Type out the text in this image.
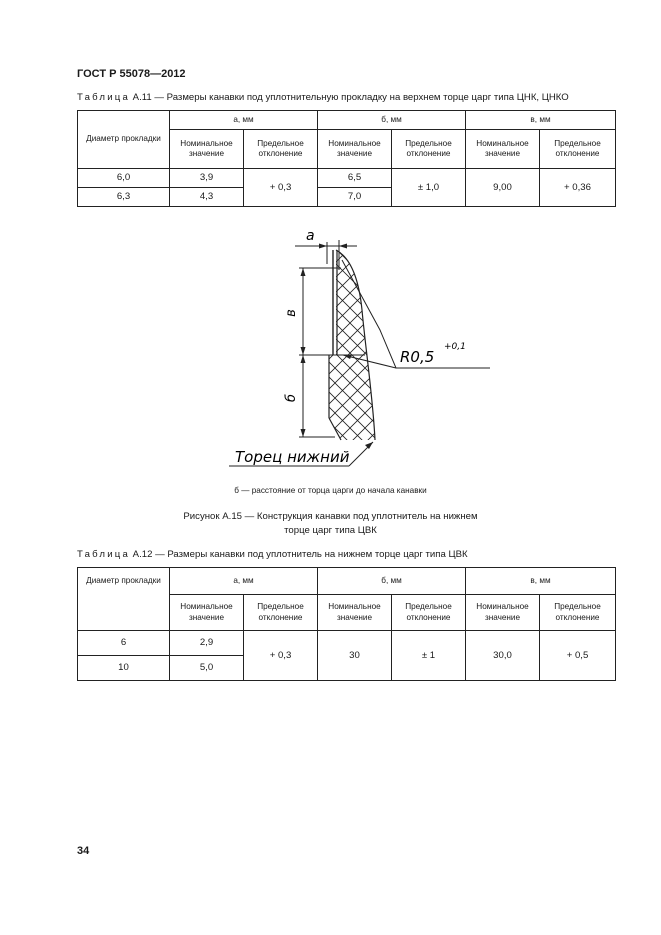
ГОСТ Р 55078—2012
Таблица А.11 — Размеры канавки под уплотнительную прокладку на верхнем торце царг типа ЦНК, ЦНКО
Диаметр прокладки	а, мм		б, мм		в, мм	
	Номинальное значение	Предельное отклонение	Номинальное значение	Предельное отклонение	Номинальное значение	Предельное отклонение
6,0	3,9	+ 0,3	6,5	± 1,0	9,00	+ 0,36
6,3	4,3		7,0			
a
в
б
R0,5
+0,1
Торец нижний
б — расстояние от торца царги до начала канавки
Рисунок А.15 — Конструкция канавки под уплотнитель на нижнем
торце царг типа ЦВК
Таблица А.12 — Размеры канавки под уплотнитель на нижнем торце царг типа ЦВК
Диаметр прокладки	а, мм		б, мм		в, мм	
	Номинальное значение	Предельное отклонение	Номинальное значение	Предельное отклонение	Номинальное значение	Предельное отклонение
6	2,9	+ 0,3	30	± 1	30,0	+ 0,5
10	5,0					
34
